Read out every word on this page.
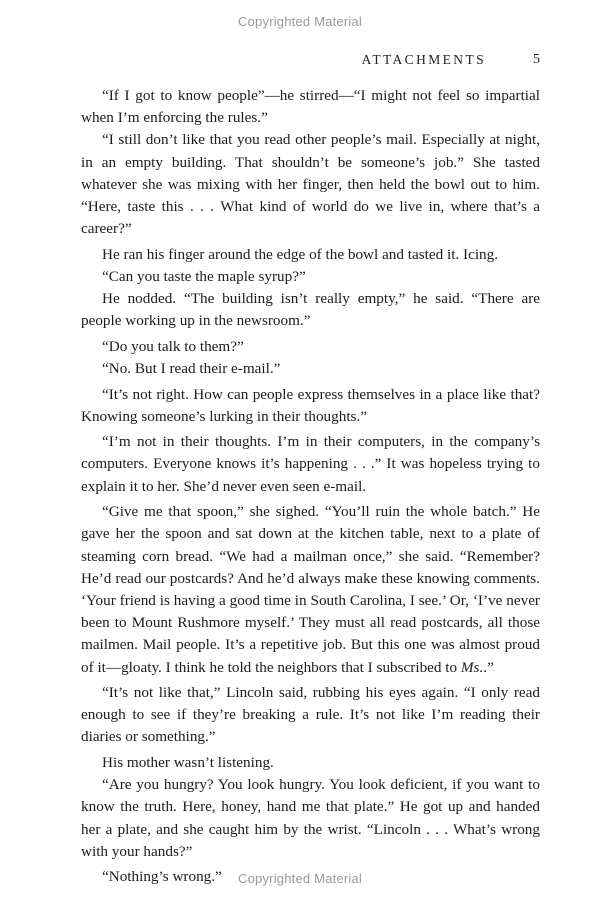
Copyrighted Material
ATTACHMENTS	5

“If I got to know people”—he stirred—“I might not feel so impartial when I’m enforcing the rules.”

“I still don’t like that you read other people’s mail. Especially at night, in an empty building. That shouldn’t be someone’s job.” She tasted whatever she was mixing with her finger, then held the bowl out to him. “Here, taste this . . . What kind of world do we live in, where that’s a career?”

He ran his finger around the edge of the bowl and tasted it. Icing.

“Can you taste the maple syrup?”

He nodded. “The building isn’t really empty,” he said. “There are people working up in the newsroom.”

“Do you talk to them?”

“No. But I read their e-mail.”

“It’s not right. How can people express themselves in a place like that? Knowing someone’s lurking in their thoughts.”

“I’m not in their thoughts. I’m in their computers, in the company’s computers. Everyone knows it’s happening . . .” It was hopeless trying to explain it to her. She’d never even seen e-mail.

“Give me that spoon,” she sighed. “You’ll ruin the whole batch.” He gave her the spoon and sat down at the kitchen table, next to a plate of steaming corn bread. “We had a mailman once,” she said. “Remember? He’d read our postcards? And he’d always make these knowing comments. ‘Your friend is having a good time in South Carolina, I see.’ Or, ‘I’ve never been to Mount Rushmore myself.’ They must all read postcards, all those mailmen. Mail people. It’s a repetitive job. But this one was almost proud of it—gloaty. I think he told the neighbors that I subscribed to Ms..”

“It’s not like that,” Lincoln said, rubbing his eyes again. “I only read enough to see if they’re breaking a rule. It’s not like I’m reading their diaries or something.”

His mother wasn’t listening.

“Are you hungry? You look hungry. You look deficient, if you want to know the truth. Here, honey, hand me that plate.” He got up and handed her a plate, and she caught him by the wrist. “Lincoln . . . What’s wrong with your hands?”

“Nothing’s wrong.”	Copyrighted Material
